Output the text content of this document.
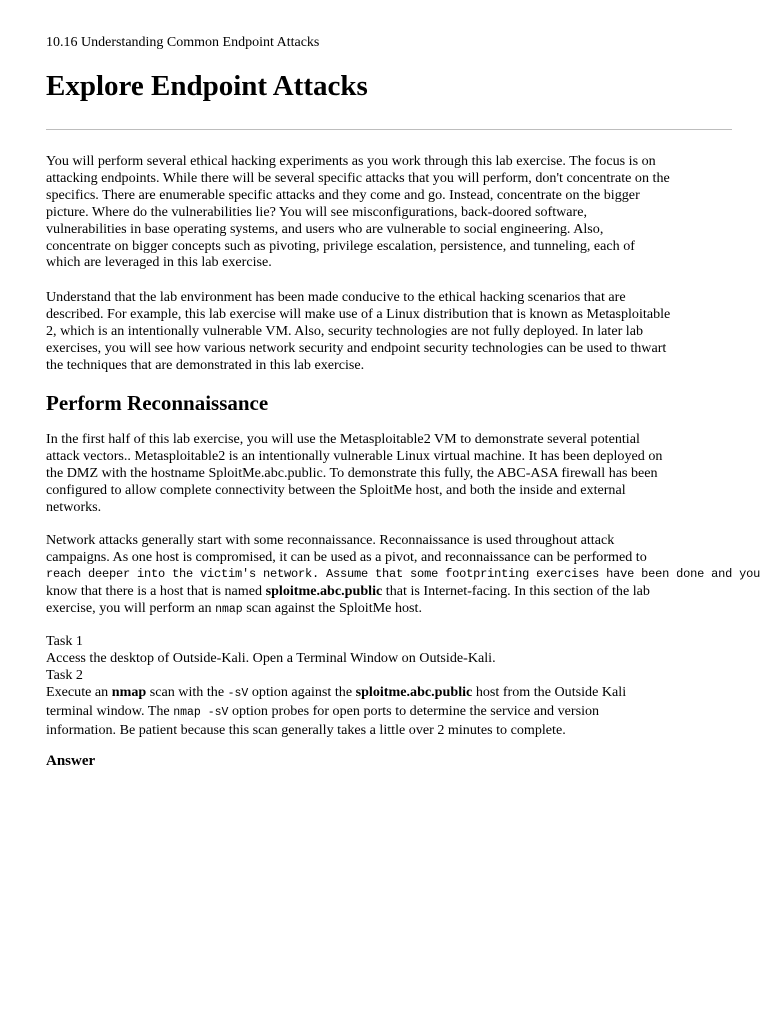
10.16 Understanding Common Endpoint Attacks
Explore Endpoint Attacks

You will perform several ethical hacking experiments as you work through this lab exercise. The focus is on
attacking endpoints. While there will be several specific attacks that you will perform, don't concentrate on the
specifics. There are enumerable specific attacks and they come and go. Instead, concentrate on the bigger
picture. Where do the vulnerabilities lie? You will see misconfigurations, back-doored software,
vulnerabilities in base operating systems, and users who are vulnerable to social engineering. Also,
concentrate on bigger concepts such as pivoting, privilege escalation, persistence, and tunneling, each of
which are leveraged in this lab exercise.

Understand that the lab environment has been made conducive to the ethical hacking scenarios that are
described. For example, this lab exercise will make use of a Linux distribution that is known as Metasploitable
2, which is an intentionally vulnerable VM. Also, security technologies are not fully deployed. In later lab
exercises, you will see how various network security and endpoint security technologies can be used to thwart
the techniques that are demonstrated in this lab exercise.

Perform Reconnaissance

In the first half of this lab exercise, you will use the Metasploitable2 VM to demonstrate several potential
attack vectors.. Metasploitable2 is an intentionally vulnerable Linux virtual machine. It has been deployed on
the DMZ with the hostname SploitMe.abc.public. To demonstrate this fully, the ABC-ASA firewall has been
configured to allow complete connectivity between the SploitMe host, and both the inside and external
networks.

Network attacks generally start with some reconnaissance. Reconnaissance is used throughout attack
campaigns. As one host is compromised, it can be used as a pivot, and reconnaissance can be performed to
reach deeper into the victim's network. Assume that some footprinting exercises have been done and you
know that there is a host that is named sploitme.abc.public that is Internet-facing. In this section of the lab
exercise, you will perform an nmap scan against the SploitMe host.

Task 1
Access the desktop of Outside-Kali. Open a Terminal Window on Outside-Kali.
Task 2
Execute an nmap scan with the -sV option against the sploitme.abc.public host from the Outside Kali
terminal window. The nmap -sV option probes for open ports to determine the service and version
information. Be patient because this scan generally takes a little over 2 minutes to complete.

Answer
